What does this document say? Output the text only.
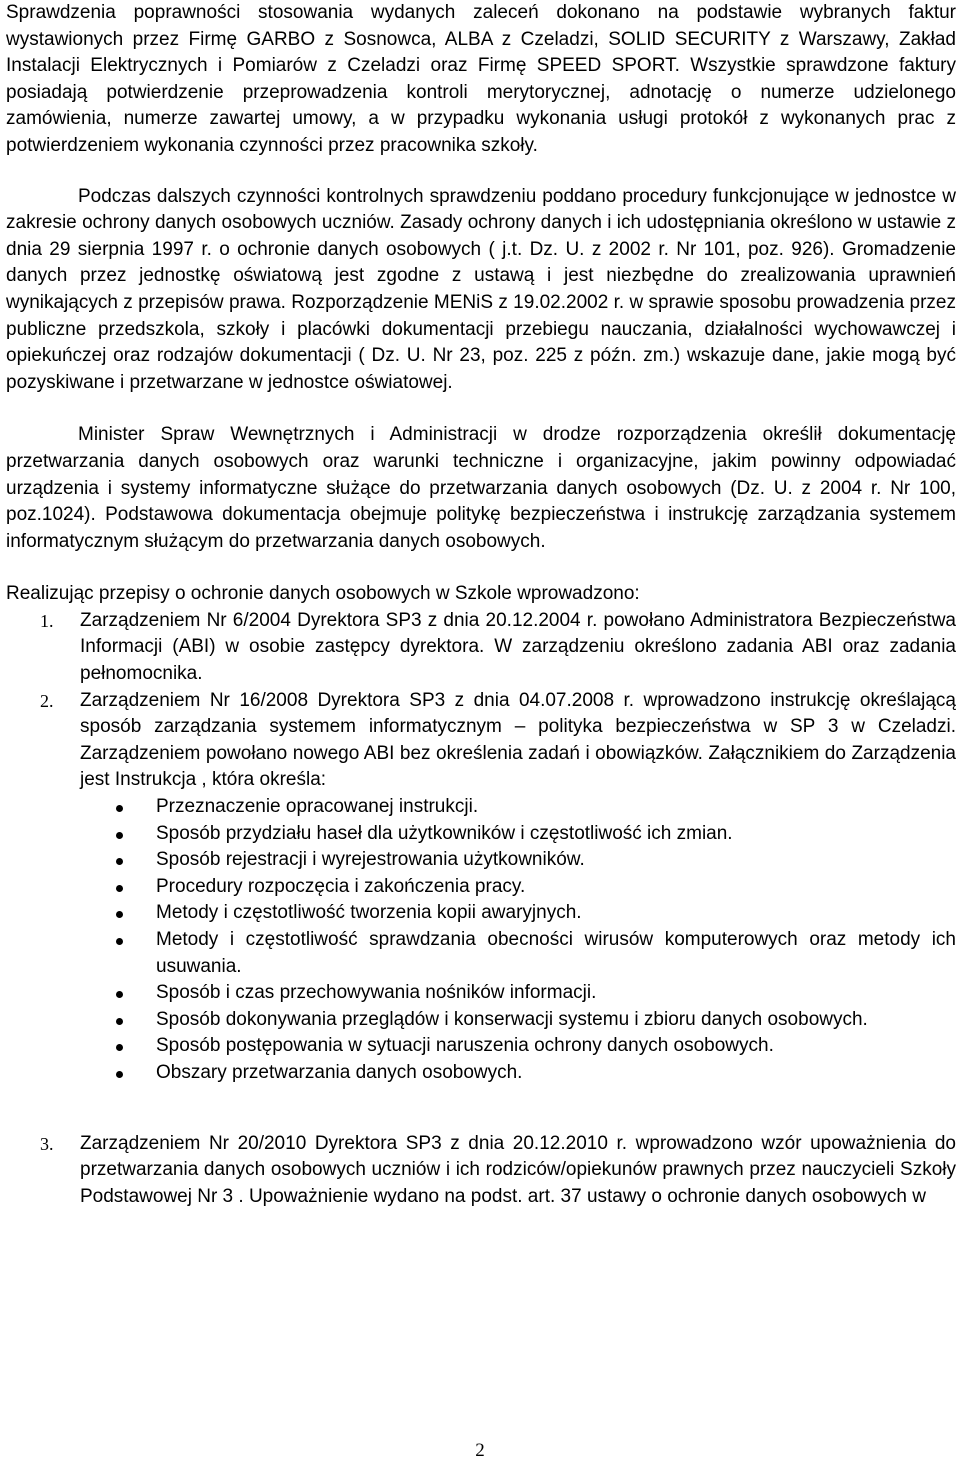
Sprawdzenia poprawności stosowania wydanych zaleceń dokonano na podstawie wybranych faktur wystawionych przez Firmę GARBO z Sosnowca, ALBA z Czeladzi, SOLID SECURITY z Warszawy, Zakład Instalacji Elektrycznych i Pomiarów z Czeladzi oraz Firmę SPEED SPORT. Wszystkie sprawdzone faktury posiadają potwierdzenie przeprowadzenia kontroli merytorycznej, adnotację o numerze udzielonego zamówienia, numerze zawartej umowy, a w przypadku wykonania usługi protokół z wykonanych prac z potwierdzeniem wykonania czynności przez pracownika szkoły.

Podczas dalszych czynności kontrolnych sprawdzeniu poddano procedury funkcjonujące w jednostce w zakresie ochrony danych osobowych uczniów. Zasady ochrony danych i ich udostępniania określono w ustawie z dnia 29 sierpnia 1997 r. o ochronie danych osobowych ( j.t. Dz. U. z 2002 r. Nr 101, poz. 926). Gromadzenie danych przez jednostkę oświatową jest zgodne z ustawą i jest niezbędne do zrealizowania uprawnień wynikających z przepisów prawa. Rozporządzenie MENiS z 19.02.2002 r. w sprawie sposobu prowadzenia przez publiczne przedszkola, szkoły i placówki dokumentacji przebiegu nauczania, działalności wychowawczej i opiekuńczej oraz rodzajów dokumentacji ( Dz. U. Nr 23, poz. 225 z późn. zm.) wskazuje dane, jakie mogą być pozyskiwane i przetwarzane w jednostce oświatowej.

Minister Spraw Wewnętrznych i Administracji w drodze rozporządzenia określił dokumentację przetwarzania danych osobowych oraz warunki techniczne i organizacyjne, jakim powinny odpowiadać urządzenia i systemy informatyczne służące do przetwarzania danych osobowych (Dz. U. z 2004 r. Nr 100, poz.1024). Podstawowa dokumentacja obejmuje politykę bezpieczeństwa i instrukcję zarządzania systemem informatycznym służącym do przetwarzania danych osobowych.

Realizując przepisy o ochronie danych osobowych w Szkole wprowadzono:

1. Zarządzeniem Nr 6/2004 Dyrektora SP3 z dnia 20.12.2004 r. powołano Administratora Bezpieczeństwa Informacji (ABI) w osobie zastępcy dyrektora. W zarządzeniu określono zadania ABI oraz zadania pełnomocnika.
2. Zarządzeniem Nr 16/2008 Dyrektora SP3 z dnia 04.07.2008 r. wprowadzono instrukcję określającą sposób zarządzania systemem informatycznym – polityka bezpieczeństwa w SP 3 w Czeladzi. Zarządzeniem powołano nowego ABI bez określenia zadań i obowiązków. Załącznikiem do Zarządzenia jest Instrukcja , która określa:
Przeznaczenie opracowanej instrukcji.
Sposób przydziału haseł dla użytkowników i częstotliwość ich zmian.
Sposób rejestracji i wyrejestrowania użytkowników.
Procedury rozpoczęcia i zakończenia pracy.
Metody i częstotliwość tworzenia kopii awaryjnych.
Metody i częstotliwość sprawdzania obecności wirusów komputerowych oraz metody ich usuwania.
Sposób i czas przechowywania nośników informacji.
Sposób dokonywania przeglądów i konserwacji systemu i zbioru danych osobowych.
Sposób postępowania w sytuacji naruszenia ochrony danych osobowych.
Obszary przetwarzania danych osobowych.
3. Zarządzeniem Nr 20/2010 Dyrektora SP3 z dnia 20.12.2010 r. wprowadzono wzór upoważnienia do przetwarzania danych osobowych uczniów i ich rodziców/opiekunów prawnych przez nauczycieli Szkoły Podstawowej Nr 3 . Upoważnienie wydano na podst. art. 37 ustawy o ochronie danych osobowych w
2
